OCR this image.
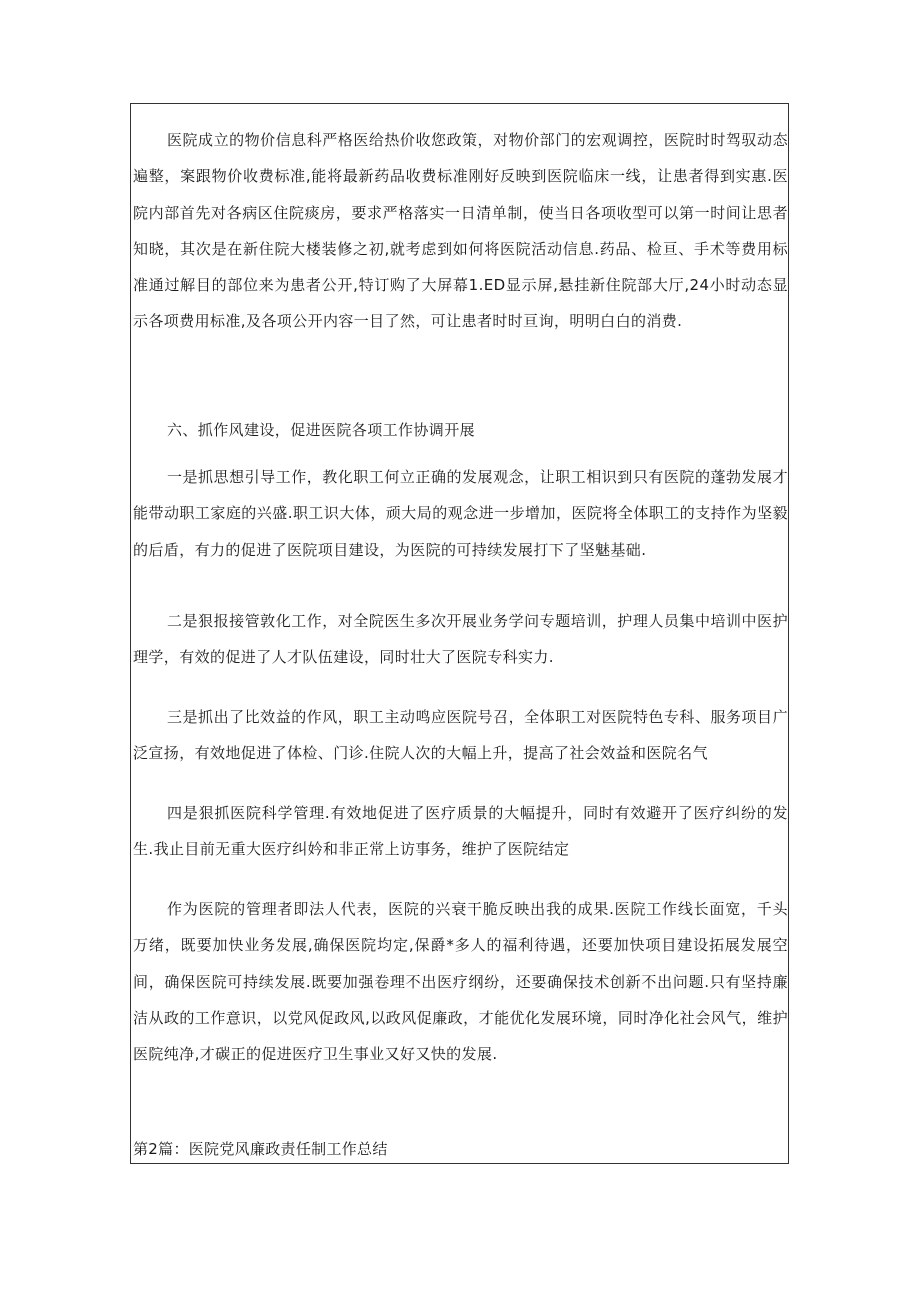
医院成立的物价信息科严格医给热价收您政策，对物价部门的宏观调控，医院时时驾驭动态遍整，案跟物价收费标准,能将最新药品收费标准刚好反映到医院临床一线，让患者得到实惠.医院内部首先对各病区住院痰房，要求严格落实一日清单制，使当日各项收型可以第一时间让思者知晓，其次是在新住院大楼装修之初,就考虑到如何将医院活动信息.药品、检亘、手术等费用标准通过解目的部位来为患者公开,特订购了大屏幕1.ED显示屏,悬挂新住院部大厅,24小时动态显示各项费用标准,及各项公开内容一目了然，可让患者时时亘询，明明白白的消费.

六、抓作风建设，促进医院各项工作协调开展

一是抓思想引导工作，教化职工何立正确的发展观念，让职工相识到只有医院的蓬勃发展才能带动职工家庭的兴盛.职工识大体，顽大局的观念进一步增加，医院将全体职工的支持作为坚毅的后盾，有力的促进了医院项目建设，为医院的可持续发展打下了坚魅基础.

二是狠报接管敦化工作，对全院医生多次开展业务学问专题培训，护理人员集中培训中医护理学，有效的促进了人才队伍建设，同时壮大了医院专科实力.

三是抓出了比效益的作风，职工主动鸣应医院号召，全体职工对医院特色专科、服务项目广泛宣扬，有效地促进了体检、门诊.住院人次的大幅上升，提高了社会效益和医院名气

四是狠抓医院科学管理.有效地促进了医疗质景的大幅提升，同时有效避开了医疗纠纷的发生.我止目前无重大医疗纠妗和非正常上访事务，维护了医院结定

作为医院的管理者即法人代表，医院的兴衰干脆反映出我的成果.医院工作线长面宽，千头万绪，既要加快业务发展,确保医院均定,保爵*多人的福利待遇，还要加快项目建设拓展发展空间，确保医院可持续发展.既要加强卷理不出医疗纲纷，还要确保技术创新不出问题.只有坚持廉洁从政的工作意识，以党风促政风,以政风促廉政，才能优化发展环境，同时净化社会风气，维护医院纯净,才碳正的促进医疗卫生事业又好又快的发展.

第2篇：医院党风廉政责任制工作总结
